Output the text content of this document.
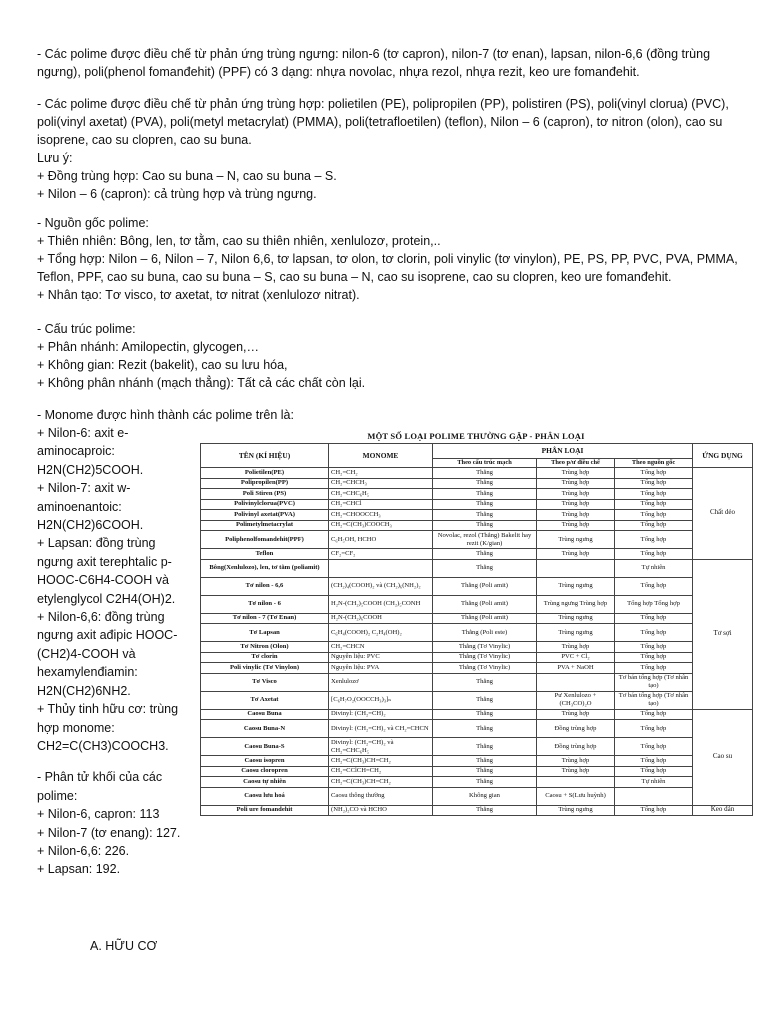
- Các polime được điều chế từ phản ứng trùng ngưng: nilon-6 (tơ capron), nilon-7 (tơ enan), lapsan, nilon-6,6 (đồng trùng ngưng), poli(phenol fomanđehit) (PPF) có 3 dạng: nhựa novolac, nhựa rezol, nhựa rezit, keo ure fomanđehit.
- Các polime được điều chế từ phản ứng trùng hợp: polietilen (PE), polipropilen (PP), polistiren (PS), poli(vinyl clorua) (PVC), poli(vinyl axetat) (PVA), poli(metyl metacrylat) (PMMA), poli(tetrafloetilen) (teflon), Nilon – 6 (capron), tơ nitron (olon), cao su isoprene, cao su clopren, cao su buna.
Lưu ý:
+ Đồng trùng hợp: Cao su buna – N, cao su buna – S.
+ Nilon – 6 (capron): cả trùng hợp và trùng ngưng.
- Nguồn gốc polime:
+ Thiên nhiên: Bông, len, tơ tằm, cao su thiên nhiên, xenlulozơ, protein,..
+ Tổng hợp: Nilon – 6, Nilon – 7, Nilon 6,6, tơ lapsan, tơ olon, tơ clorin, poli vinylic (tơ vinylon), PE, PS, PP, PVC, PVA, PMMA, Teflon, PPF, cao su buna, cao su buna – S, cao su buna – N, cao su isoprene, cao su clopren, keo ure fomanđehit.
+ Nhân tạo: Tơ visco, tơ axetat, tơ nitrat (xenlulozơ nitrat).
- Cấu trúc polime:
+ Phân nhánh: Amilopectin, glycogen,…
+ Không gian: Rezit (bakelit), cao su lưu hóa,
+ Không phân nhánh (mạch thẳng): Tất cả các chất còn lại.
- Monome được hình thành các polime trên là:
+ Nilon-6: axit e-
aminocaproic:
H2N(CH2)5COOH.
+ Nilon-7: axit w-
aminoenantoic:
H2N(CH2)6COOH.
+ Lapsan: đồng trùng
ngưng axit terephtalic p-
HOOC-C6H4-COOH và
etylenglycol C2H4(OH)2.
+ Nilon-6,6: đồng trùng
ngưng axit ađipic HOOC-
(CH2)4-COOH và
hexamylenđiamin:
H2N(CH2)6NH2.
+ Thủy tinh hữu cơ: trùng
hợp monome:
CH2=C(CH3)COOCH3.
- Phân tử khối của các
polime:
+ Nilon-6, capron: 113
+ Nilon-7 (tơ enang): 127.
+ Nilon-6,6: 226.
+ Lapsan: 192.
MỘT SỐ LOẠI POLIME THƯỜNG GẶP - PHÂN LOẠI
TÊN (KÍ HIỆU)	MONOME	PHÂN LOẠI			ỨNG DỤNG
		Theo cấu trúc mạch	Theo p/ư điều chế	Theo nguồn gốc	
Polietilen(PE)	CH₂=CH₂	Thẳng	Trùng hợp	Tổng hợp	Chất dẻo
Polipropilen(PP)	CH₂=CHCH₃	Thẳng	Trùng hợp	Tổng hợp	
Poli Stiren (PS)	CH₂=CHC₆H₅	Thẳng	Trùng hợp	Tổng hợp	
Polivinylclorua(PVC)	CH₂=CHCl	Thẳng	Trùng hợp	Tổng hợp	
Polivinyl axetat(PVA)	CH₂=CHOOCCH₃	Thẳng	Trùng hợp	Tổng hợp	
Polimetylmetacrylat	CH₂=C(CH₃)COOCH₃	Thẳng	Trùng hợp	Tổng hợp	
Poliphenolfomandehit(PPF)	C₆H₅OH, HCHO	Novolac, rezol (Thẳng) Bakelit hay rezit (K/gian)	Trùng ngưng	Tổng hợp	
Teflon	CF₂=CF₂	Thẳng	Trùng hợp	Tổng hợp	
Bông(Xenlulozo), len, tơ tằm (poliamit)		Thẳng		Tự nhiên	Tơ sợi
Tơ nilon - 6,6	(CH₂)₄(COOH)₂ và (CH₂)₆(NH₂)₂	Thẳng (Poli amit)	Trùng ngưng	Tổng hợp	
Tơ nilon - 6	H₂N-(CH₂)₅COOH (CH₂)₅CONH	Thẳng (Poli amit)	Trùng ngưng Trùng hợp	Tổng hợp Tổng hợp	
Tơ nilon - 7 (Tơ Enan)	H₂N-(CH₂)₆COOH	Thẳng (Poli amit)	Trùng ngưng	Tổng hợp	
Tơ Lapsan	C₆H₄(COOH)₂ C₂H₄(OH)₂	Thẳng (Poli este)	Trùng ngưng	Tổng hợp	
Tơ Nitron (Olon)	CH₂=CHCN	Thẳng (Tơ Vinylic)	Trùng hợp	Tổng hợp	
Tơ clorin	Nguyên liệu: PVC	Thẳng (Tơ Vinylic)	PVC + Cl₂	Tổng hợp	
Poli vinylic (Tơ Vinylon)	Nguyên liệu: PVA	Thẳng (Tơ Vinylic)	PVA + NaOH	Tổng hợp	
Tơ Visco	Xenlulozơ	Thẳng		Tơ bán tổng hợp (Tơ nhân tạo)	
Tơ Axetat	[C₆H₇O₂(OOCCH₃)₃]ₙ	Thẳng	Pư Xenlulozo + (CH₃CO)₂O	Tơ bán tổng hợp (Tơ nhân tạo)	
Caosu Buna	Divinyl: (CH₂=CH)₂	Thẳng	Trùng hợp	Tổng hợp	Cao su
Caosu Buna-N	Divinyl: (CH₂=CH)₂ và CH₂=CHCN	Thẳng	Đồng trùng hợp	Tổng hợp	
Caosu Buna-S	Divinyl: (CH₂=CH)₂ và CH₂=CHC₆H₅	Thẳng	Đồng trùng hợp	Tổng hợp	
Caosu isopren	CH₂=C(CH₃)CH=CH₂	Thẳng	Trùng hợp	Tổng hợp	
Caosu cloropren	CH₂=CClCH=CH₂	Thẳng	Trùng hợp	Tổng hợp	
Caosu tự nhiên	CH₂=C(CH₃)CH=CH₂	Thẳng		Tự nhiên	
Caosu lưu hoá	Caosu thông thường	Không gian	Caosu + S(Lưu huỳnh)		
Poli ure fomandehit	(NH₂)₂CO và HCHO	Thẳng	Trùng ngưng	Tổng hợp	Keo dán
A. HỮU CƠ
